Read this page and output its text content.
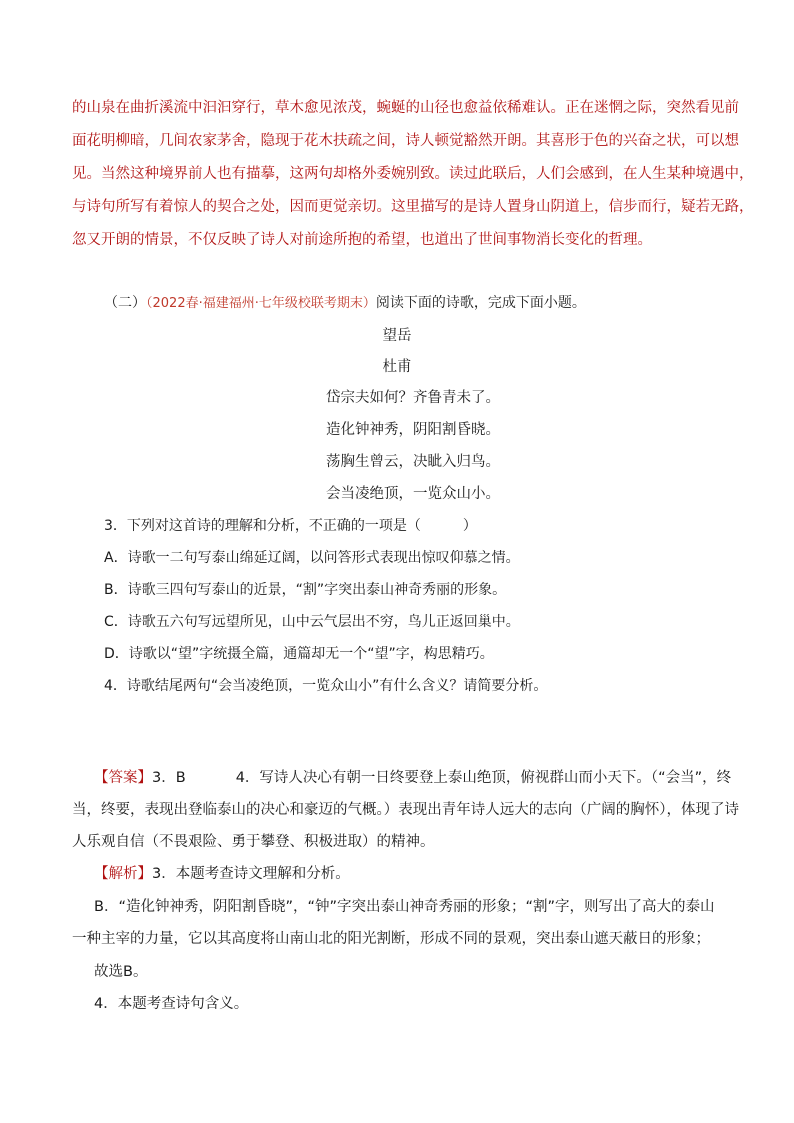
的山泉在曲折溪流中汩汩穿行，草木愈见浓茂，蜿蜒的山径也愈益依稀难认。正在迷惘之际，突然看见前
面花明柳暗，几间农家茅舍，隐现于花木扶疏之间，诗人顿觉豁然开朗。其喜形于色的兴奋之状，可以想
见。当然这种境界前人也有描摹，这两句却格外委婉别致。读过此联后，人们会感到，在人生某种境遇中，
与诗句所写有着惊人的契合之处，因而更觉亲切。这里描写的是诗人置身山阴道上，信步而行，疑若无路，
忽又开朗的情景，不仅反映了诗人对前途所抱的希望，也道出了世间事物消长变化的哲理。
（二）（2022春·福建福州·七年级校联考期末）阅读下面的诗歌，完成下面小题。
望岳
杜甫
岱宗夫如何？齐鲁青未了。
造化钟神秀，阴阳割昏晓。
荡胸生曾云，决眦入归鸟。
会当凌绝顶，一览众山小。
3．下列对这首诗的理解和分析，不正确的一项是（　　　）
A．诗歌一二句写泰山绵延辽阔，以问答形式表现出惊叹仰慕之情。
B．诗歌三四句写泰山的近景，“割”字突出泰山神奇秀丽的形象。
C．诗歌五六句写远望所见，山中云气层出不穷，鸟儿正返回巢中。
D．诗歌以“望”字统摄全篇，通篇却无一个“望”字，构思精巧。
4．诗歌结尾两句“会当凌绝顶，一览众山小”有什么含义？请简要分析。
【答案】3．B	4．写诗人决心有朝一日终要登上泰山绝顶，俯视群山而小天下。（“会当”，终
当，终要，表现出登临泰山的决心和豪迈的气概。）表现出青年诗人远大的志向（广阔的胸怀），体现了诗
人乐观自信（不畏艰险、勇于攀登、积极进取）的精神。
【解析】3．本题考查诗文理解和分析。
B．“造化钟神秀，阴阳割昏晓”，“钟”字突出泰山神奇秀丽的形象；“割”字，则写出了高大的泰山
一种主宰的力量，它以其高度将山南山北的阳光割断，形成不同的景观，突出泰山遮天蔽日的形象；
故选B。
4．本题考查诗句含义。
